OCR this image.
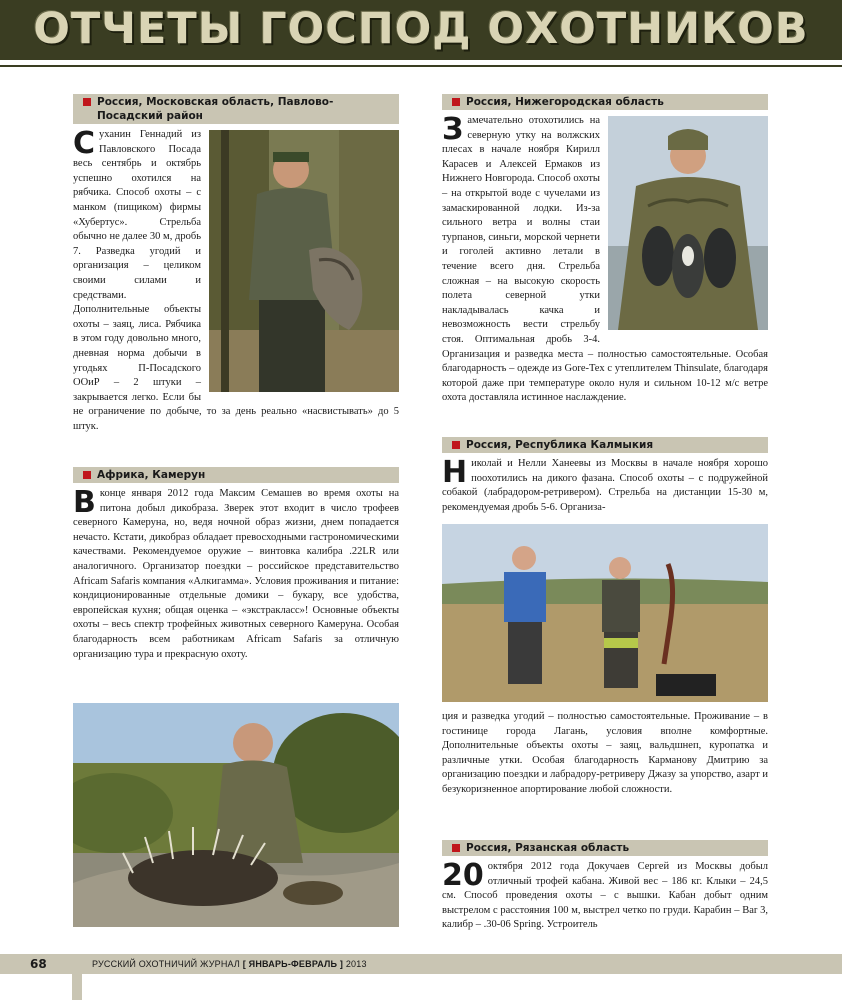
ОТЧЕТЫ ГОСПОД ОХОТНИКОВ
Россия, Московская область, Павлово-Посадский район
Суханин Геннадий из Павловского Посада весь сентябрь и октябрь успешно охотился на рябчика. Способ охоты – с манком (пищиком) фирмы «Хубертус». Стрельба обычно не далее 30 м, дробь 7. Разведка угодий и организация – целиком своими силами и средствами. Дополнительные объекты охоты – заяц, лиса. Рябчика в этом году довольно много, дневная норма добычи в угодьях	П-Посадского ООиР – 2 штуки – закрывается легко. Если бы не ограничение по добыче, то за день реально «насвистывать» до 5 штук.
Африка, Камерун
Вконце января 2012 года Максим Семашев во время охоты на питона добыл дикобраза. Зверек этот входит в число трофеев северного Камеруна, но, ведя ночной образ жизни, днем попадается нечасто. Кстати, дикобраз обладает превосходными гастрономическими качествами. Рекомендуемое оружие – винтовка калибра .22LR или аналогичного. Организатор поездки – российское представительство Africam Safaris компания «Алкигамма». Условия проживания и питание: кондиционированные отдельные домики – букару, все удобства, европейская кухня; общая оценка – «экстракласс»! Основные объекты охоты – весь спектр трофейных животных северного Камеруна. Особая благодарность всем работникам Africam Safaris за отличную организацию тура и прекрасную охоту.
Россия, Нижегородская область
Замечательно отохотились на северную утку на волжских плесах в начале ноября Кирилл Карасев и Алексей Ермаков из Нижнего Новгорода. Способ охоты – на открытой воде с чучелами из замаскированной лодки. Из-за сильного ветра и волны стаи турпанов, синьги, морской чернети и гоголей активно летали в течение всего дня. Стрельба сложная – на высокую скорость полета северной утки накладывалась качка и невозможность вести стрельбу стоя. Оптимальная дробь 3-4. Организация и разведка места – полностью самостоятельные. Особая благодарность – одежде из Gore-Tex с утеплителем Thinsulate, благодаря которой даже при температуре около нуля и сильном 10-12 м/с ветре охота доставляла истинное наслаждение.
Россия, Республика Калмыкия
Николай и Нелли Ханеевы из Москвы в начале ноября хорошо поохотились на дикого фазана. Способ охоты – с подружейной собакой (лабрадором-ретривером). Стрельба на дистанции 15-30 м, рекомендуемая дробь 5-6. Организа-
ция и разведка угодий – полностью самостоятельные. Проживание – в гостинице города Лагань, условия вполне комфортные. Дополнительные объекты охоты – заяц, вальдшнеп, куропатка и различные утки. Особая благодарность Карманову Дмитрию за организацию поездки и лабрадору-ретриверу Джазу за упорство, азарт и безукоризненное апортирование любой сложности.
Россия, Рязанская область
20 октября 2012 года Докучаев Сергей из Москвы добыл отличный трофей кабана. Живой вес – 186 кг. Клыки – 24,5 см. Способ проведения охоты – с вышки. Кабан добыт одним выстрелом с расстояния 100 м, выстрел четко по груди. Карабин – Bar 3, калибр – .30-06 Spring. Устроитель
68	РУССКИЙ ОХОТНИЧИЙ ЖУРНАЛ [ ЯНВАРЬ-ФЕВРАЛЬ ] 2013
